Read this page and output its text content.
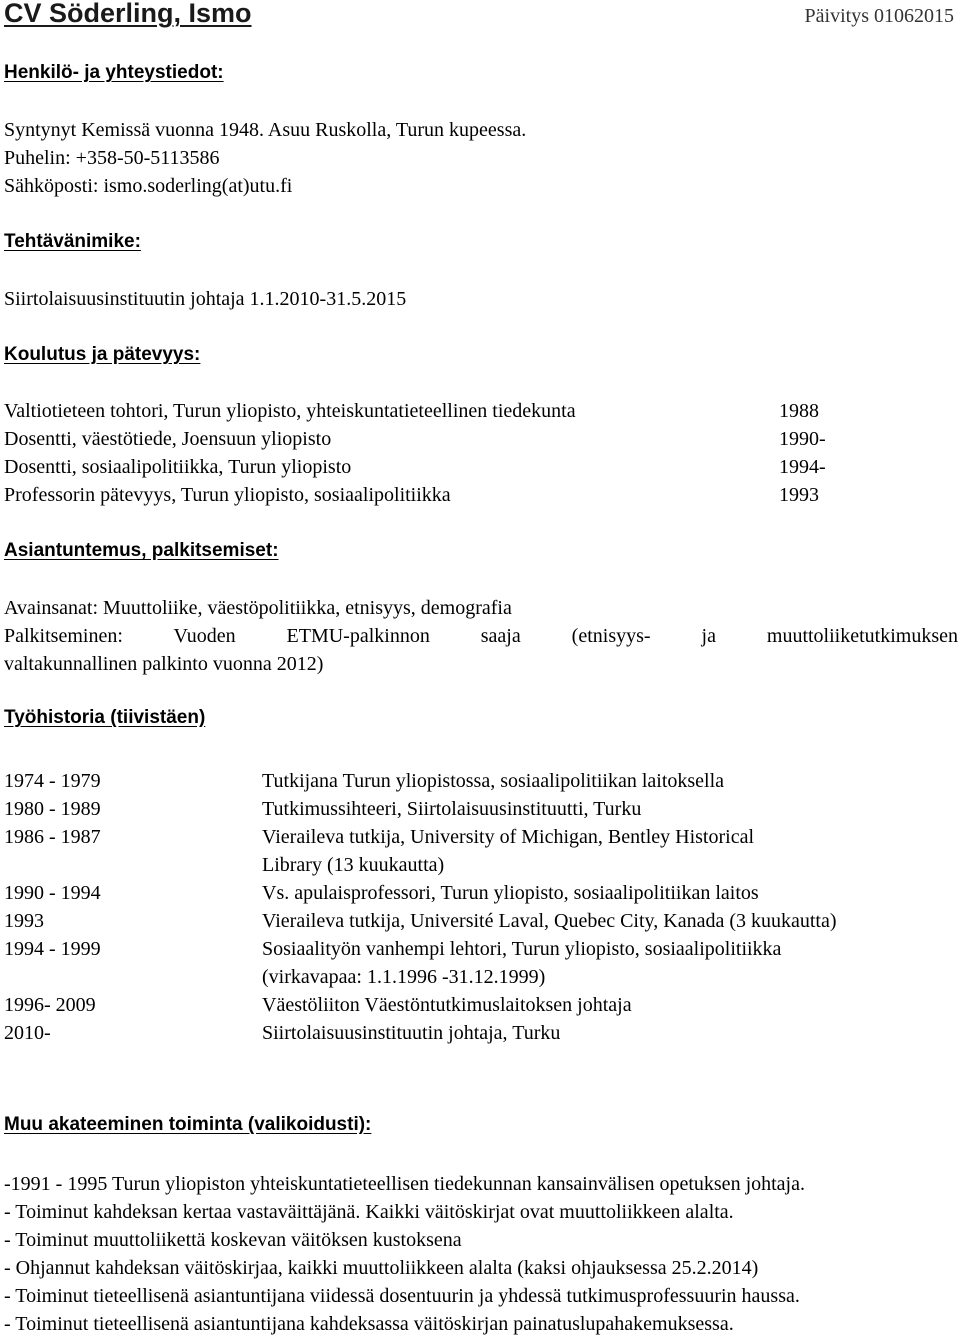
CV Söderling, Ismo	Päivitys 01062015
Henkilö- ja yhteystiedot:
Syntynyt Kemissä vuonna 1948. Asuu Ruskolla, Turun kupeessa.
Puhelin: +358-50-5113586
Sähköposti: ismo.soderling(at)utu.fi
Tehtävänimike:
Siirtolaisuusinstituutin johtaja 1.1.2010-31.5.2015
Koulutus ja pätevyys:
Valtiotieteen tohtori, Turun yliopisto, yhteiskuntatieteellinen tiedekunta	1988
Dosentti, väestötiede, Joensuun yliopisto	1990-
Dosentti, sosiaalipolitiikka, Turun yliopisto	1994-
Professorin pätevyys, Turun yliopisto, sosiaalipolitiikka	1993
Asiantuntemus, palkitsemiset:
Avainsanat: Muuttoliike, väestöpolitiikka, etnisyys, demografia
Palkitseminen: Vuoden ETMU-palkinnon saaja (etnisyys- ja muuttoliiketutkimuksen
valtakunnallinen palkinto vuonna 2012)
Työhistoria (tiivistäen)
1974 - 1979	Tutkijana Turun yliopistossa, sosiaalipolitiikan laitoksella
1980 - 1989	Tutkimussihteeri, Siirtolaisuusinstituutti, Turku
1986 - 1987	Vieraileva tutkija, University of Michigan, Bentley Historical
Library (13 kuukautta)
1990 - 1994	Vs. apulaisprofessori, Turun yliopisto, sosiaalipolitiikan laitos
1993	Vieraileva tutkija, Université Laval, Quebec City, Kanada (3 kuukautta)
1994 - 1999	Sosiaalityön vanhempi lehtori, Turun yliopisto, sosiaalipolitiikka
(virkavapaa: 1.1.1996 -31.12.1999)
1996- 2009	Väestöliiton Väestöntutkimuslaitoksen johtaja
2010-	Siirtolaisuusinstituutin johtaja, Turku
Muu akateeminen toiminta (valikoidusti):
-1991 - 1995 Turun yliopiston yhteiskuntatieteellisen tiedekunnan kansainvälisen opetuksen johtaja.
- Toiminut kahdeksan kertaa vastaväittäjänä. Kaikki väitöskirjat ovat muuttoliikkeen alalta.
- Toiminut muuttoliikettä koskevan väitöksen kustoksena
- Ohjannut kahdeksan väitöskirjaa, kaikki muuttoliikkeen alalta (kaksi ohjauksessa 25.2.2014)
- Toiminut tieteellisenä asiantuntijana viidessä dosentuurin ja yhdessä tutkimusprofessuurin haussa.
- Toiminut tieteellisenä asiantuntijana kahdeksassa väitöskirjan painatuslupahakemuksessa.
